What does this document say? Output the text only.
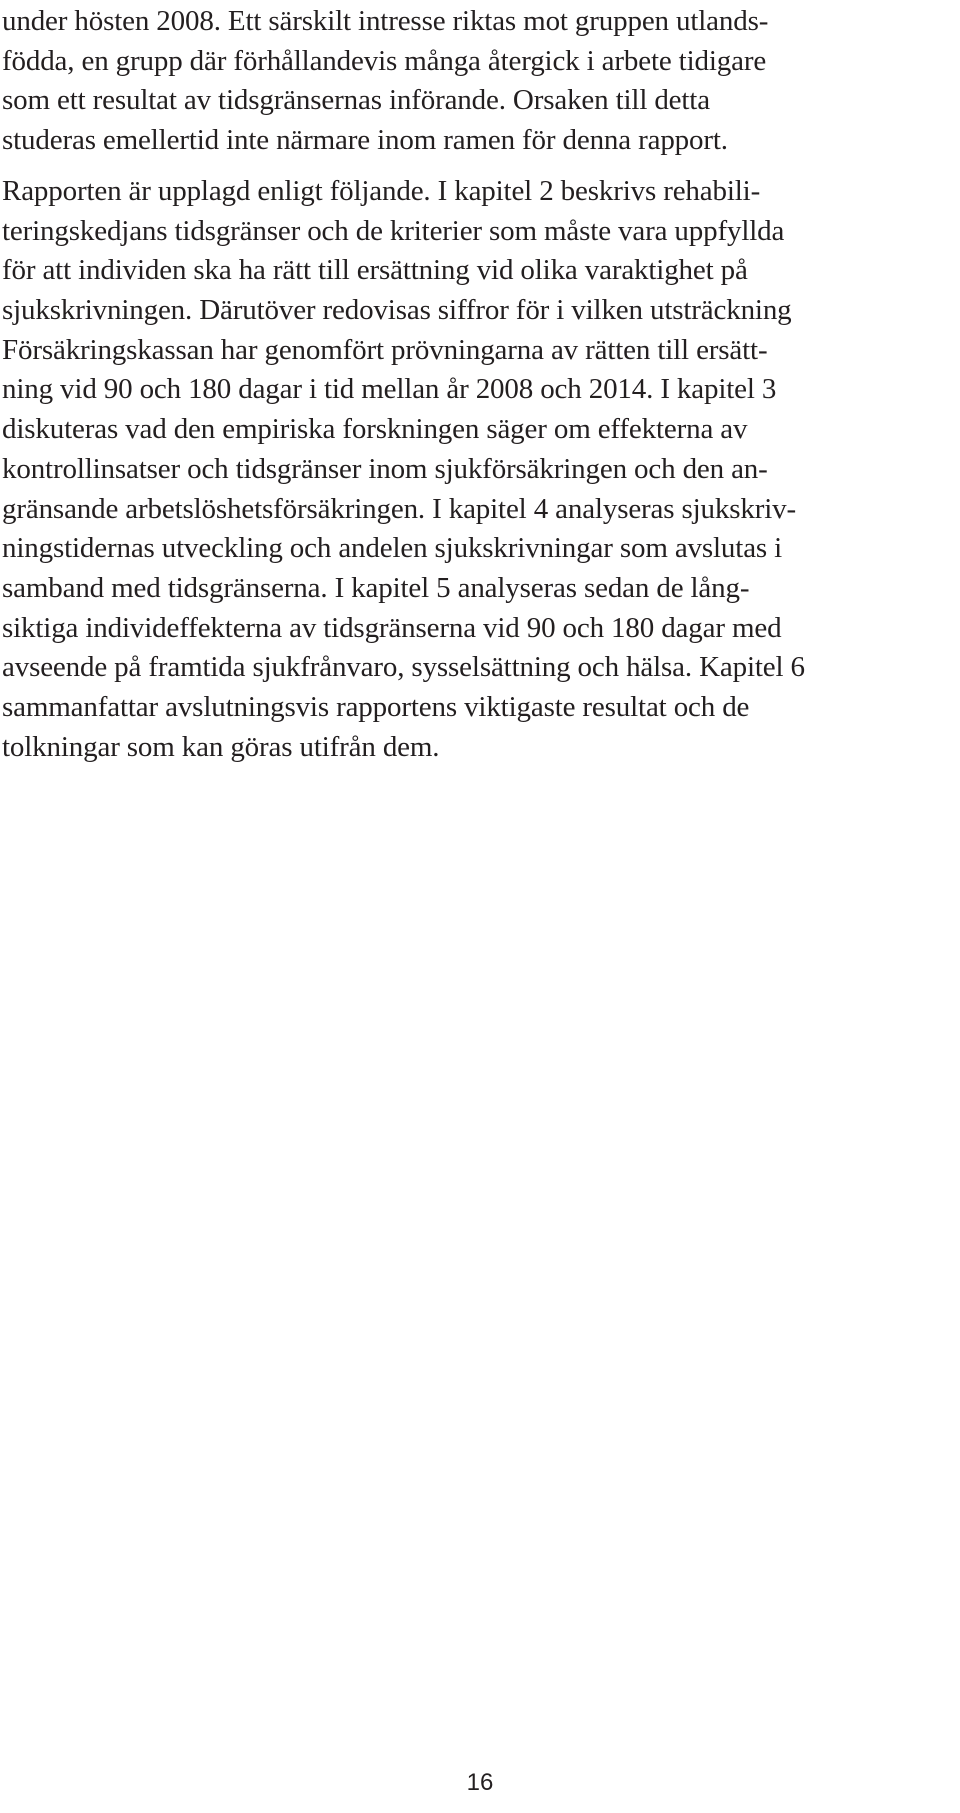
under hösten 2008. Ett särskilt intresse riktas mot gruppen utlands-
födda, en grupp där förhållandevis många återgick i arbete tidigare
som ett resultat av tidsgränsernas införande. Orsaken till detta
studeras emellertid inte närmare inom ramen för denna rapport.
Rapporten är upplagd enligt följande. I kapitel 2 beskrivs rehabili-
teringskedjans tidsgränser och de kriterier som måste vara uppfyllda
för att individen ska ha rätt till ersättning vid olika varaktighet på
sjukskrivningen. Därutöver redovisas siffror för i vilken utsträckning
Försäkringskassan har genomfört prövningarna av rätten till ersätt-
ning vid 90 och 180 dagar i tid mellan år 2008 och 2014. I kapitel 3
diskuteras vad den empiriska forskningen säger om effekterna av
kontrollinsatser och tidsgränser inom sjukförsäkringen och den an-
gränsande arbetslöshetsförsäkringen. I kapitel 4 analyseras sjukskriv-
ningstidernas utveckling och andelen sjukskrivningar som avslutas i
samband med tidsgränserna. I kapitel 5 analyseras sedan de lång-
siktiga individeffekterna av tidsgränserna vid 90 och 180 dagar med
avseende på framtida sjukfrånvaro, sysselsättning och hälsa. Kapitel 6
sammanfattar avslutningsvis rapportens viktigaste resultat och de
tolkningar som kan göras utifrån dem.
16
